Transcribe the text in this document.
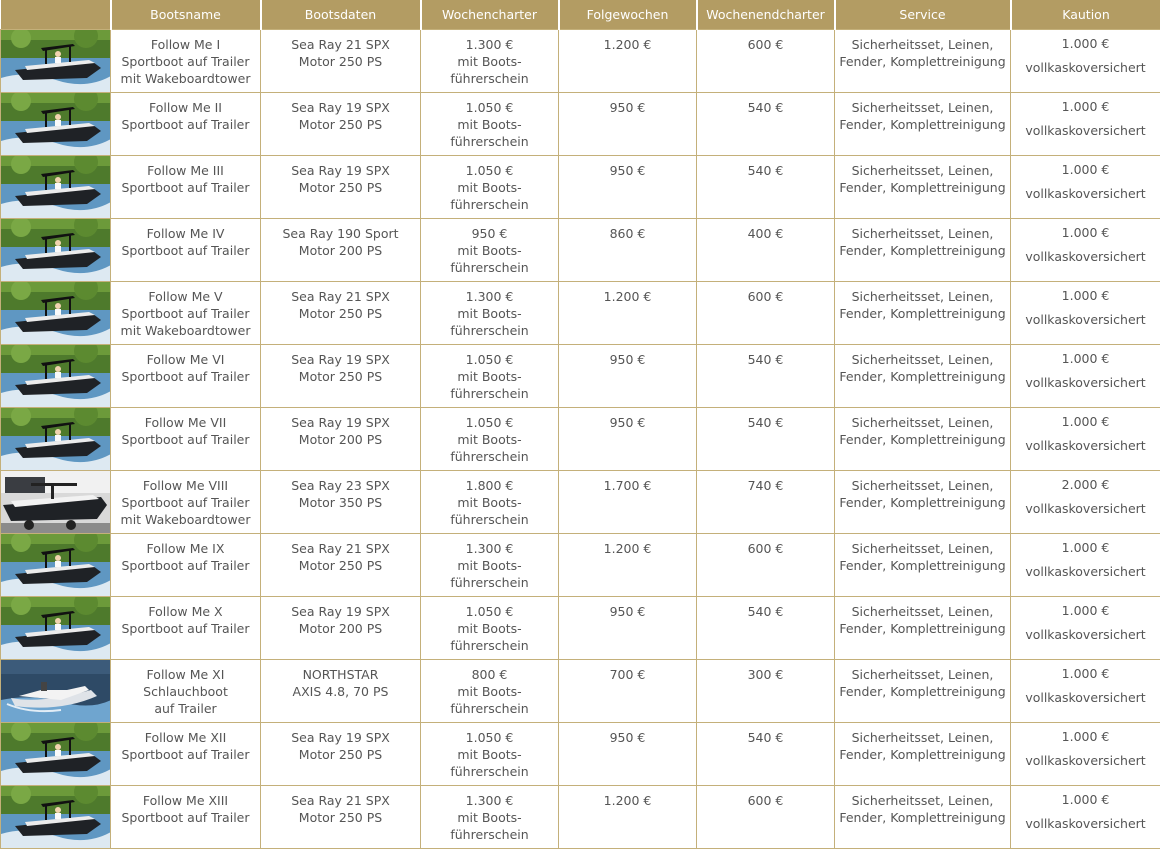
	Bootsname	Bootsdaten	Wochencharter	Folgewochen	Wochenendcharter	Service	Kaution

Follow Me I
Sportboot auf Trailer
mit Wakeboardtower	Sea Ray 21 SPX
Motor 250 PS	1.300 €
mit Boots-
führerschein	1.200 €	600 €	Sicherheitsset, Leinen,
Fender, Komplettreinigung	1.000 €
vollkaskoversichert

Follow Me II
Sportboot auf Trailer	Sea Ray 19 SPX
Motor 250 PS	1.050 €
mit Boots-
führerschein	950 €	540 €	Sicherheitsset, Leinen,
Fender, Komplettreinigung	1.000 €
vollkaskoversichert

Follow Me III
Sportboot auf Trailer	Sea Ray 19 SPX
Motor 250 PS	1.050 €
mit Boots-
führerschein	950 €	540 €	Sicherheitsset, Leinen,
Fender, Komplettreinigung	1.000 €
vollkaskoversichert

Follow Me IV
Sportboot auf Trailer	Sea Ray 190 Sport
Motor 200 PS	950 €
mit Boots-
führerschein	860 €	400 €	Sicherheitsset, Leinen,
Fender, Komplettreinigung	1.000 €
vollkaskoversichert

Follow Me V
Sportboot auf Trailer
mit Wakeboardtower	Sea Ray 21 SPX
Motor 250 PS	1.300 €
mit Boots-
führerschein	1.200 €	600 €	Sicherheitsset, Leinen,
Fender, Komplettreinigung	1.000 €
vollkaskoversichert

Follow Me VI
Sportboot auf Trailer	Sea Ray 19 SPX
Motor 250 PS	1.050 €
mit Boots-
führerschein	950 €	540 €	Sicherheitsset, Leinen,
Fender, Komplettreinigung	1.000 €
vollkaskoversichert

Follow Me VII
Sportboot auf Trailer	Sea Ray 19 SPX
Motor 200 PS	1.050 €
mit Boots-
führerschein	950 €	540 €	Sicherheitsset, Leinen,
Fender, Komplettreinigung	1.000 €
vollkaskoversichert

Follow Me VIII
Sportboot auf Trailer
mit Wakeboardtower	Sea Ray 23 SPX
Motor 350 PS	1.800 €
mit Boots-
führerschein	1.700 €	740 €	Sicherheitsset, Leinen,
Fender, Komplettreinigung	2.000 €
vollkaskoversichert

Follow Me IX
Sportboot auf Trailer	Sea Ray 21 SPX
Motor 250 PS	1.300 €
mit Boots-
führerschein	1.200 €	600 €	Sicherheitsset, Leinen,
Fender, Komplettreinigung	1.000 €
vollkaskoversichert

Follow Me X
Sportboot auf Trailer	Sea Ray 19 SPX
Motor 200 PS	1.050 €
mit Boots-
führerschein	950 €	540 €	Sicherheitsset, Leinen,
Fender, Komplettreinigung	1.000 €
vollkaskoversichert

Follow Me XI
Schlauchboot
auf Trailer	NORTHSTAR
AXIS 4.8, 70 PS	800 €
mit Boots-
führerschein	700 €	300 €	Sicherheitsset, Leinen,
Fender, Komplettreinigung	1.000 €
vollkaskoversichert

Follow Me XII
Sportboot auf Trailer	Sea Ray 19 SPX
Motor 250 PS	1.050 €
mit Boots-
führerschein	950 €	540 €	Sicherheitsset, Leinen,
Fender, Komplettreinigung	1.000 €
vollkaskoversichert

Follow Me XIII
Sportboot auf Trailer	Sea Ray 21 SPX
Motor 250 PS	1.300 €
mit Boots-
führerschein	1.200 €	600 €	Sicherheitsset, Leinen,
Fender, Komplettreinigung	1.000 €
vollkaskoversichert
